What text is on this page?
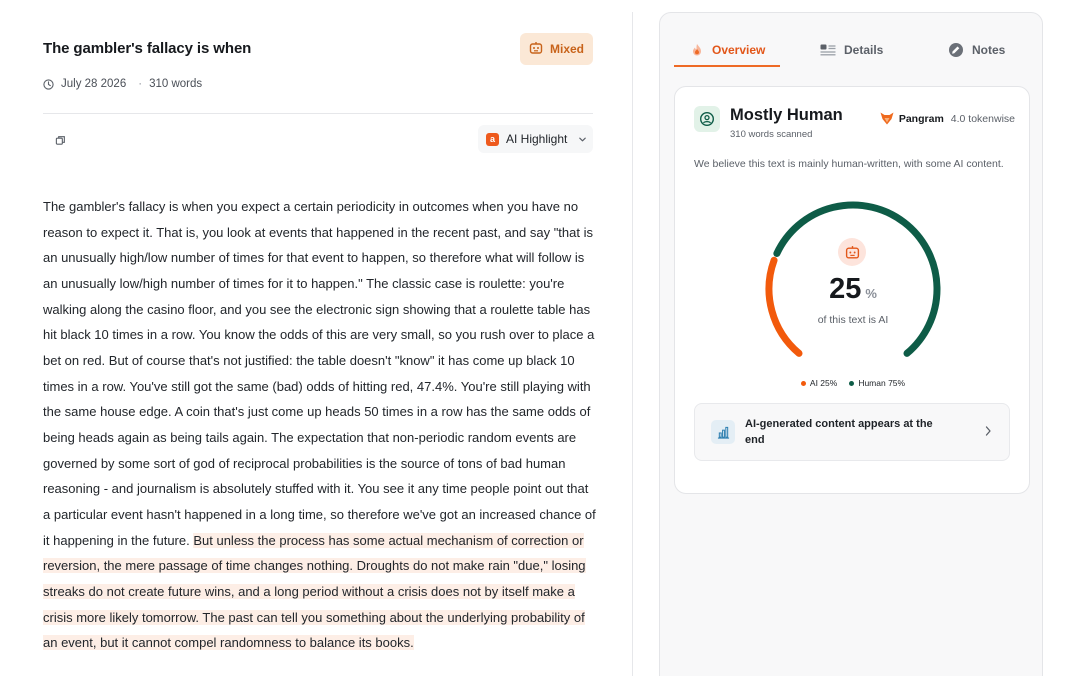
The gambler's fallacy is when	Mixed
July 28 2026 · 310 words
a AI Highlight
The gambler's fallacy is when you expect a certain periodicity in outcomes when you have no reason to expect it. That is, you look at events that happened in the recent past, and say "that is an unusually high/low number of times for that event to happen, so therefore what will follow is an unusually low/high number of times for it to happen." The classic case is roulette: you're walking along the casino floor, and you see the electronic sign showing that a roulette table has hit black 10 times in a row. You know the odds of this are very small, so you rush over to place a bet on red. But of course that's not justified: the table doesn't "know" it has come up black 10 times in a row. You've still got the same (bad) odds of hitting red, 47.4%. You're still playing with the same house edge. A coin that's just come up heads 50 times in a row has the same odds of being heads again as being tails again. The expectation that non-periodic random events are governed by some sort of god of reciprocal probabilities is the source of tons of bad human reasoning - and journalism is absolutely stuffed with it. You see it any time people point out that a particular event hasn't happened in a long time, so therefore we've got an increased chance of it happening in the future. But unless the process has some actual mechanism of correction or reversion, the mere passage of time changes nothing. Droughts do not make rain "due," losing streaks do not create future wins, and a long period without a crisis does not by itself make a crisis more likely tomorrow. The past can tell you something about the underlying probability of an event, but it cannot compel randomness to balance its books.
Overview	Details	Notes
Mostly Human
310 words scanned
Pangram 4.0 tokenwise
We believe this text is mainly human-written, with some AI content.
25 %
of this text is AI
AI 25% Human 75%
AI-generated content appears at the end
